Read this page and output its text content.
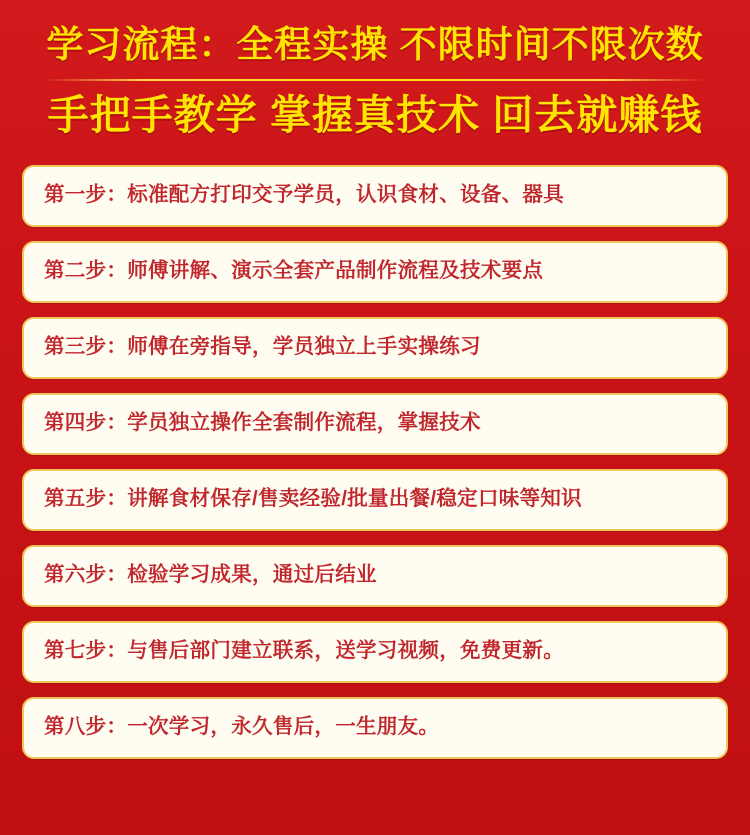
学习流程：全程实操 不限时间不限次数
手把手教学 掌握真技术 回去就赚钱
第一步：标准配方打印交予学员，认识食材、设备、器具
第二步：师傅讲解、演示全套产品制作流程及技术要点
第三步：师傅在旁指导，学员独立上手实操练习
第四步：学员独立操作全套制作流程，掌握技术
第五步：讲解食材保存/售卖经验/批量出餐/稳定口味等知识
第六步：检验学习成果，通过后结业
第七步：与售后部门建立联系，送学习视频，免费更新。
第八步：一次学习，永久售后，一生朋友。
